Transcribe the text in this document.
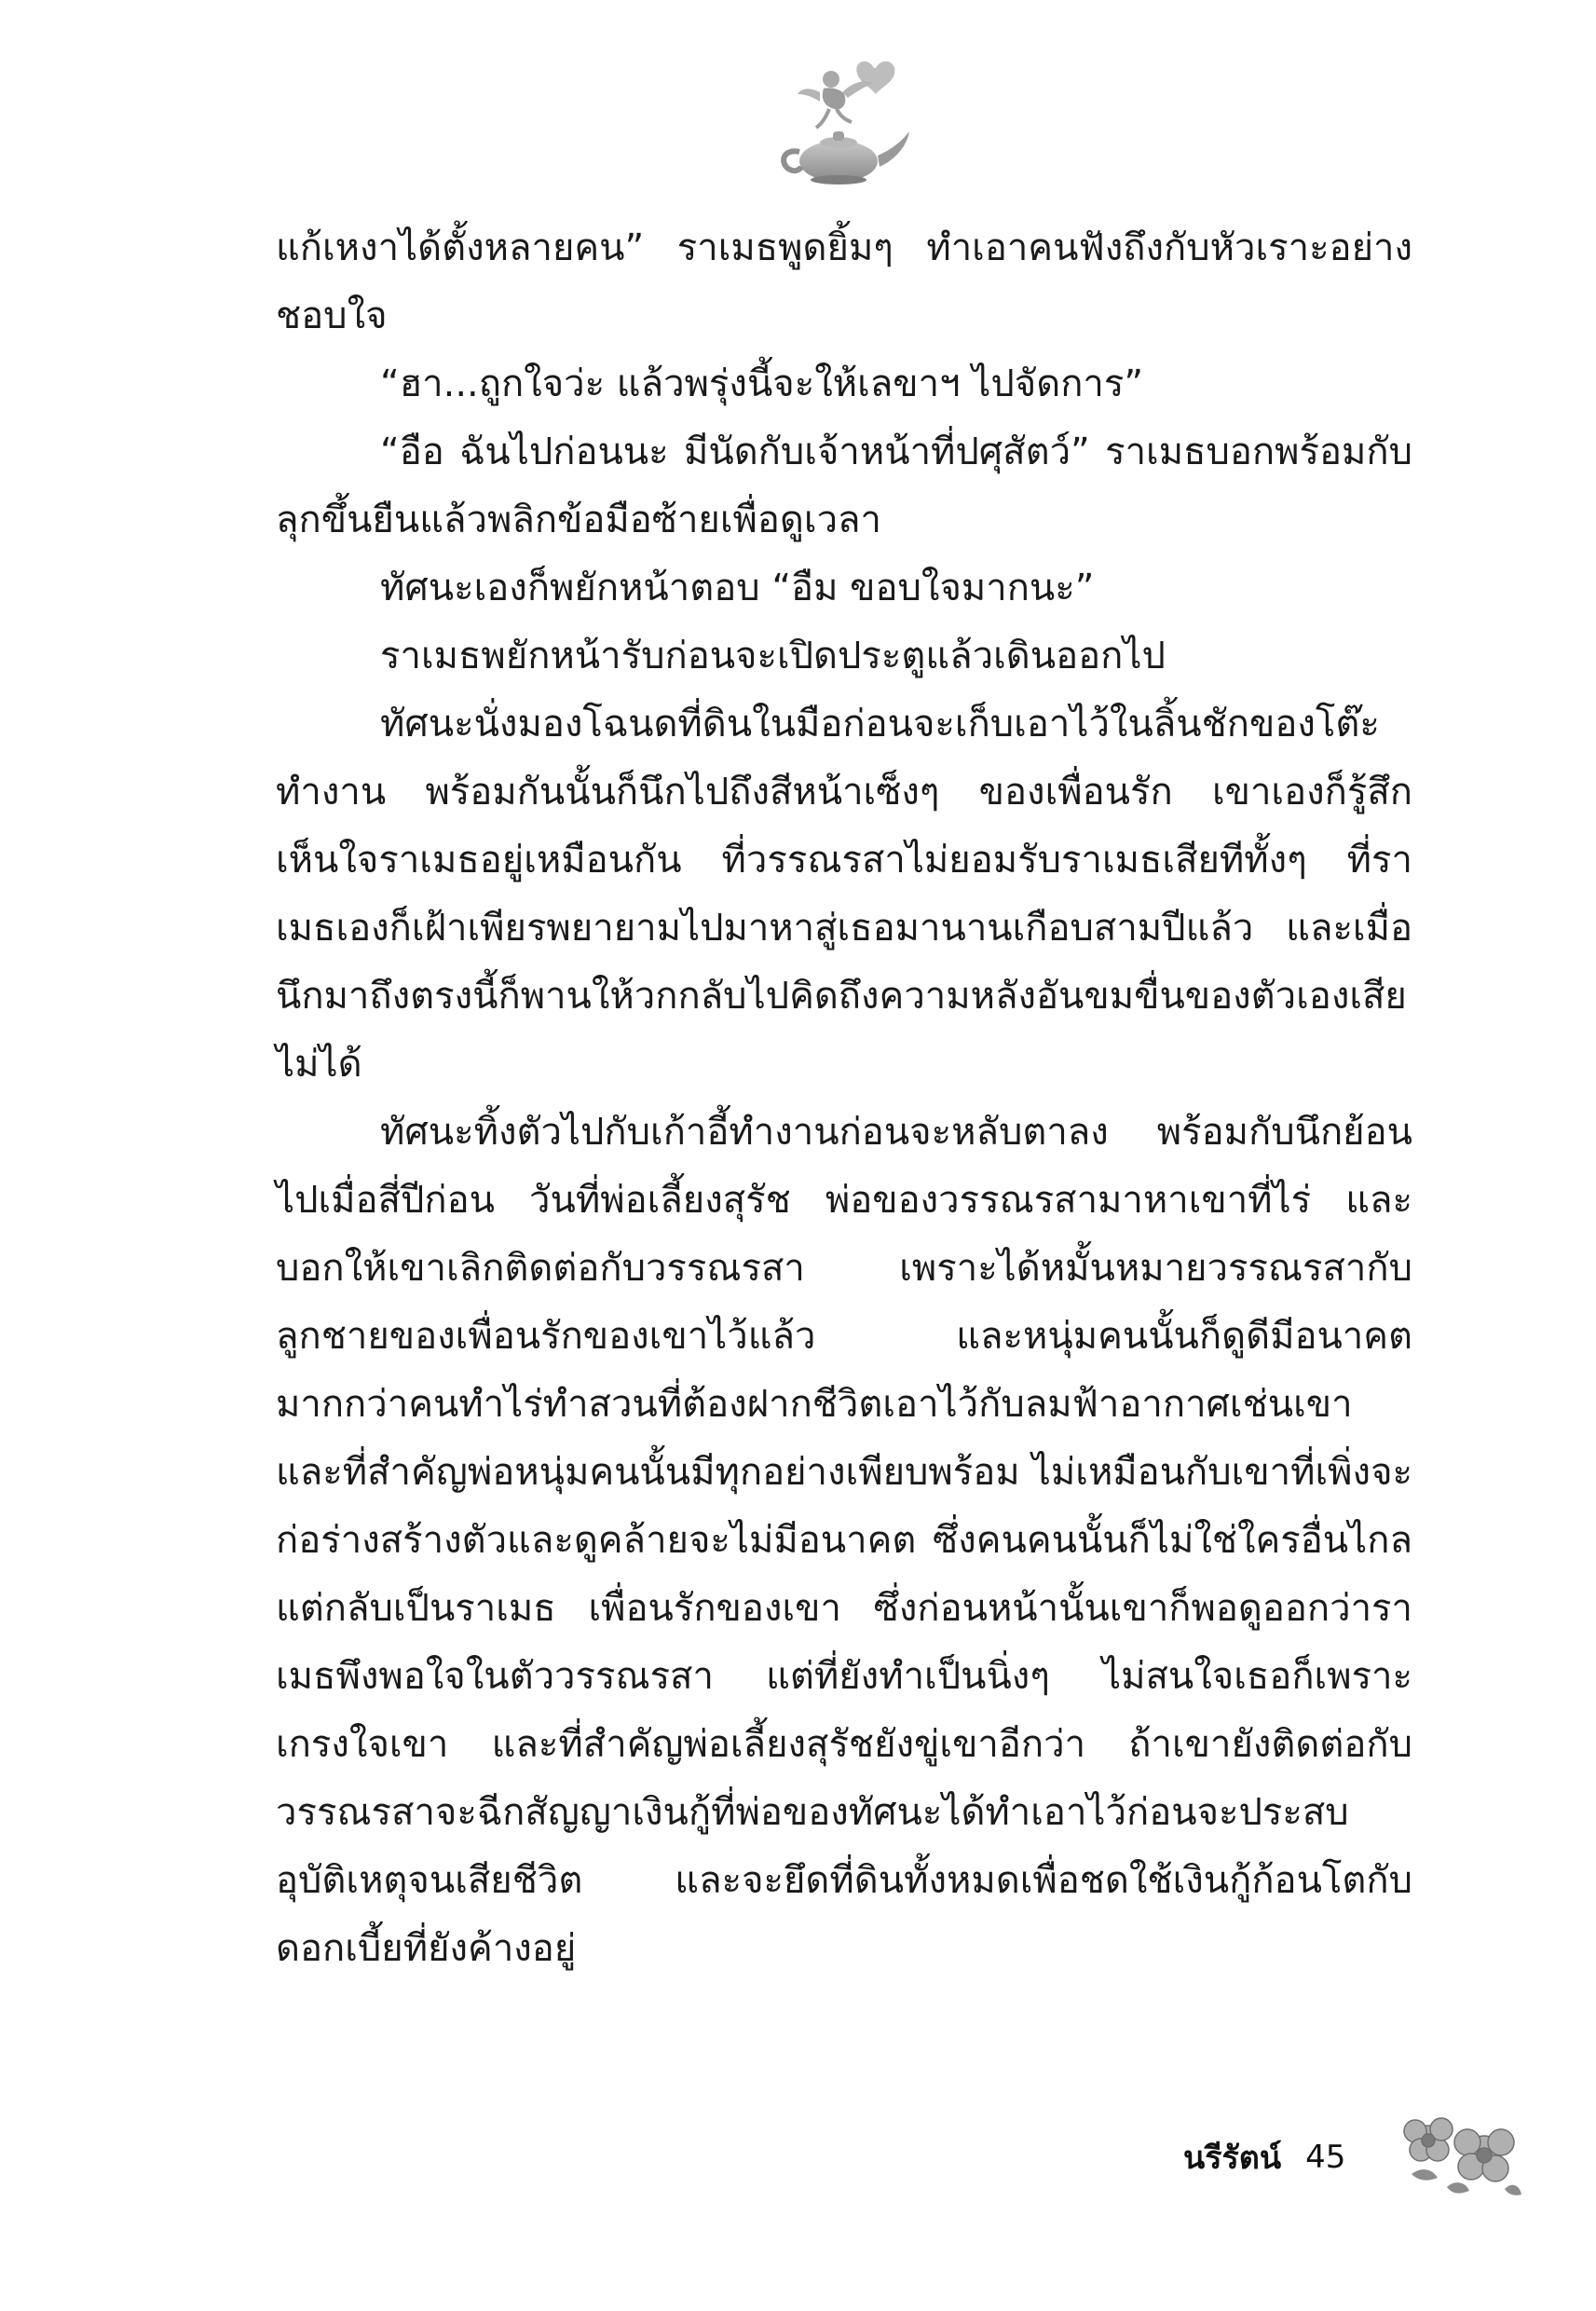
แก้เหงาได้ตั้งหลายคน” ราเมธพูดยิ้มๆ ทำเอาคนฟังถึงกับหัวเราะอย่างชอบใจ

“ฮา...ถูกใจว่ะ แล้วพรุ่งนี้จะให้เลขาฯ ไปจัดการ”

“อือ ฉันไปก่อนนะ มีนัดกับเจ้าหน้าที่ปศุสัตว์” ราเมธบอกพร้อมกับลุกขึ้นยืนแล้วพลิกข้อมือซ้ายเพื่อดูเวลา

ทัศนะเองก็พยักหน้าตอบ “อืม ขอบใจมากนะ”

ราเมธพยักหน้ารับก่อนจะเปิดประตูแล้วเดินออกไป

ทัศนะนั่งมองโฉนดที่ดินในมือก่อนจะเก็บเอาไว้ในลิ้นชักของโต๊ะทำงาน พร้อมกันนั้นก็นึกไปถึงสีหน้าเซ็งๆ ของเพื่อนรัก เขาเองก็รู้สึกเห็นใจราเมธอยู่เหมือนกัน ที่วรรณรสาไม่ยอมรับราเมธเสียทีทั้งๆ ที่ราเมธเองก็เฝ้าเพียรพยายามไปมาหาสู่เธอมานานเกือบสามปีแล้ว และเมื่อนึกมาถึงตรงนี้ก็พานให้วกกลับไปคิดถึงความหลังอันขมขื่นของตัวเองเสียไม่ได้

ทัศนะทิ้งตัวไปกับเก้าอี้ทำงานก่อนจะหลับตาลง พร้อมกับนึกย้อนไปเมื่อสี่ปีก่อน วันที่พ่อเลี้ยงสุรัช พ่อของวรรณรสามาหาเขาที่ไร่ และบอกให้เขาเลิกติดต่อกับวรรณรสา เพราะได้หมั้นหมายวรรณรสากับลูกชายของเพื่อนรักของเขาไว้แล้ว และหนุ่มคนนั้นก็ดูดีมีอนาคตมากกว่าคนทำไร่ทำสวนที่ต้องฝากชีวิตเอาไว้กับลมฟ้าอากาศเช่นเขา และที่สำคัญพ่อหนุ่มคนนั้นมีทุกอย่างเพียบพร้อม ไม่เหมือนกับเขาที่เพิ่งจะก่อร่างสร้างตัวและดูคล้ายจะไม่มีอนาคต ซึ่งคนคนนั้นก็ไม่ใช่ใครอื่นไกล แต่กลับเป็นราเมธ เพื่อนรักของเขา ซึ่งก่อนหน้านั้นเขาก็พอดูออกว่าราเมธพึงพอใจในตัววรรณรสา แต่ที่ยังทำเป็นนิ่งๆ ไม่สนใจเธอก็เพราะเกรงใจเขา และที่สำคัญพ่อเลี้ยงสุรัชยังขู่เขาอีกว่า ถ้าเขายังติดต่อกับวรรณรสาจะฉีกสัญญาเงินกู้ที่พ่อของทัศนะได้ทำเอาไว้ก่อนจะประสบอุบัติเหตุจนเสียชีวิต และจะยึดที่ดินทั้งหมดเพื่อชดใช้เงินกู้ก้อนโตกับดอกเบี้ยที่ยังค้างอยู่

นรีรัตน์ 45
